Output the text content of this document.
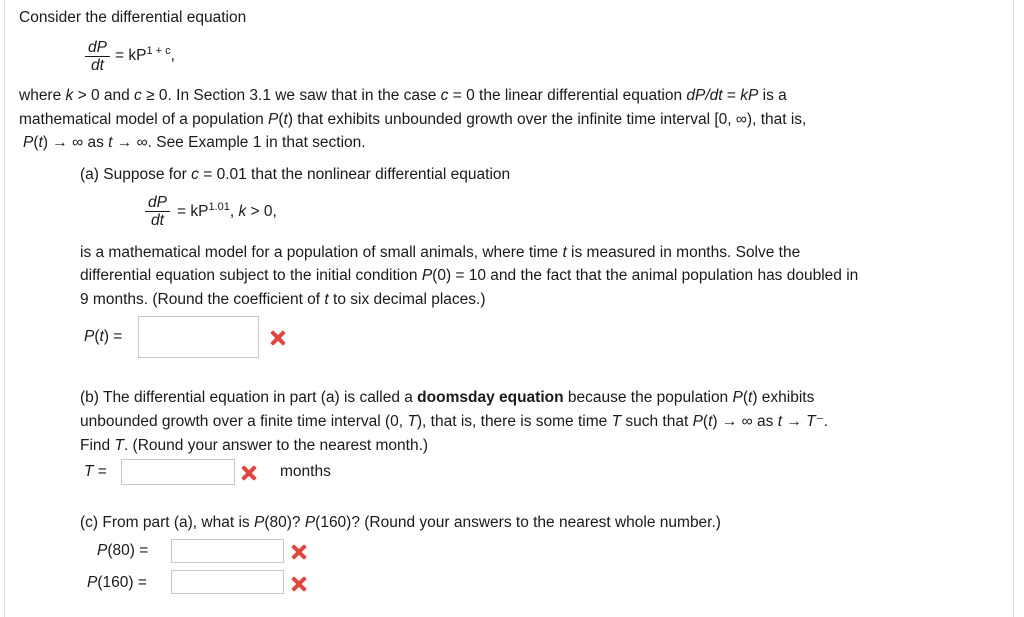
Consider the differential equation
$\frac{dP}{dt} = kP^{1 + c}$,
where k > 0 and c ≥ 0. In Section 3.1 we saw that in the case c = 0 the linear differential equation dP/dt = kP is a
mathematical model of a population P(t) that exhibits unbounded growth over the infinite time interval [0, ∞), that is,
P(t) → ∞ as t → ∞. See Example 1 in that section.
(a) Suppose for c = 0.01 that the nonlinear differential equation
$\frac{dP}{dt} = kP^{1.01}$, k > 0,
is a mathematical model for a population of small animals, where time t is measured in months. Solve the
differential equation subject to the initial condition P(0) = 10 and the fact that the animal population has doubled in
9 months. (Round the coefficient of t to six decimal places.)
P(t) =
(b) The differential equation in part (a) is called a doomsday equation because the population P(t) exhibits
unbounded growth over a finite time interval (0, T), that is, there is some time T such that P(t) → ∞ as t → T⁻.
Find T. (Round your answer to the nearest month.)
T =	months
(c) From part (a), what is P(80)? P(160)? (Round your answers to the nearest whole number.)
P(80) =
P(160) =
